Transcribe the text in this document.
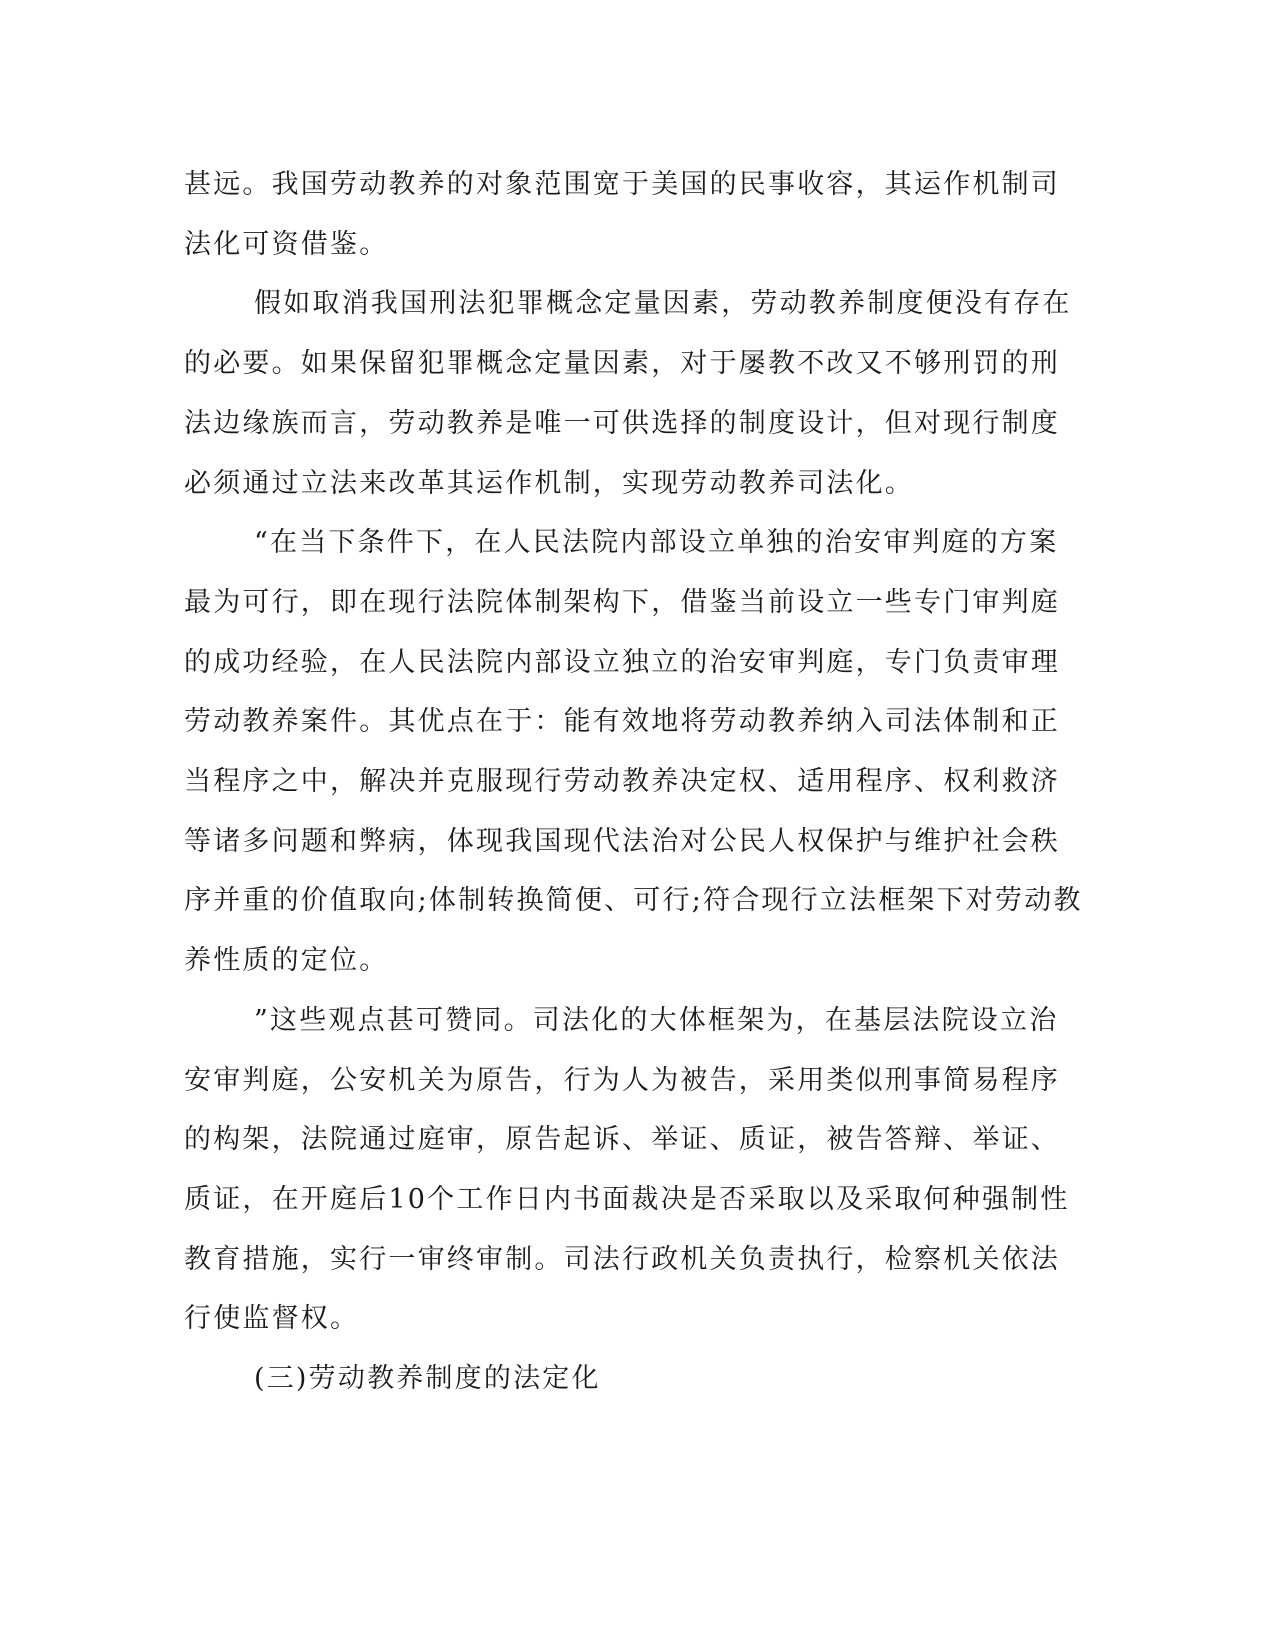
甚远。我国劳动教养的对象范围宽于美国的民事收容，其运作机制司
法化可资借鉴。
假如取消我国刑法犯罪概念定量因素，劳动教养制度便没有存在
的必要。如果保留犯罪概念定量因素，对于屡教不改又不够刑罚的刑
法边缘族而言，劳动教养是唯一可供选择的制度设计，但对现行制度
必须通过立法来改革其运作机制，实现劳动教养司法化。
“在当下条件下，在人民法院内部设立单独的治安审判庭的方案
最为可行，即在现行法院体制架构下，借鉴当前设立一些专门审判庭
的成功经验，在人民法院内部设立独立的治安审判庭，专门负责审理
劳动教养案件。其优点在于：能有效地将劳动教养纳入司法体制和正
当程序之中，解决并克服现行劳动教养决定权、适用程序、权利救济
等诸多问题和弊病，体现我国现代法治对公民人权保护与维护社会秩
序并重的价值取向;体制转换简便、可行;符合现行立法框架下对劳动教
养性质的定位。
”这些观点甚可赞同。司法化的大体框架为，在基层法院设立治
安审判庭，公安机关为原告，行为人为被告，采用类似刑事简易程序
的构架，法院通过庭审，原告起诉、举证、质证，被告答辩、举证、
质证，在开庭后10个工作日内书面裁决是否采取以及采取何种强制性
教育措施，实行一审终审制。司法行政机关负责执行，检察机关依法
行使监督权。
(三)劳动教养制度的法定化
